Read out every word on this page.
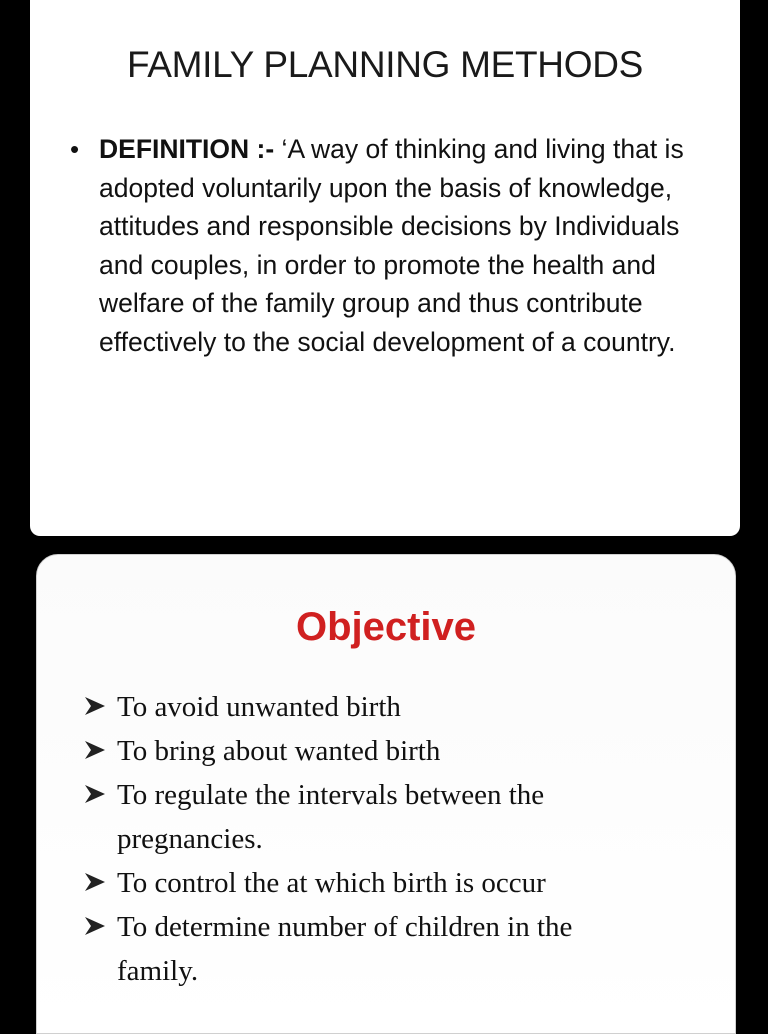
FAMILY PLANNING METHODS
• DEFINITION :- ‘A way of thinking and living that is adopted voluntarily upon the basis of knowledge, attitudes and responsible decisions by Individuals and couples, in order to promote the health and welfare of the family group and thus contribute effectively to the social development of a country.
Objective
To avoid unwanted birth
To bring about wanted birth
To regulate the intervals between the
pregnancies.
To control the at which birth is occur
To determine number of children in the
family.
